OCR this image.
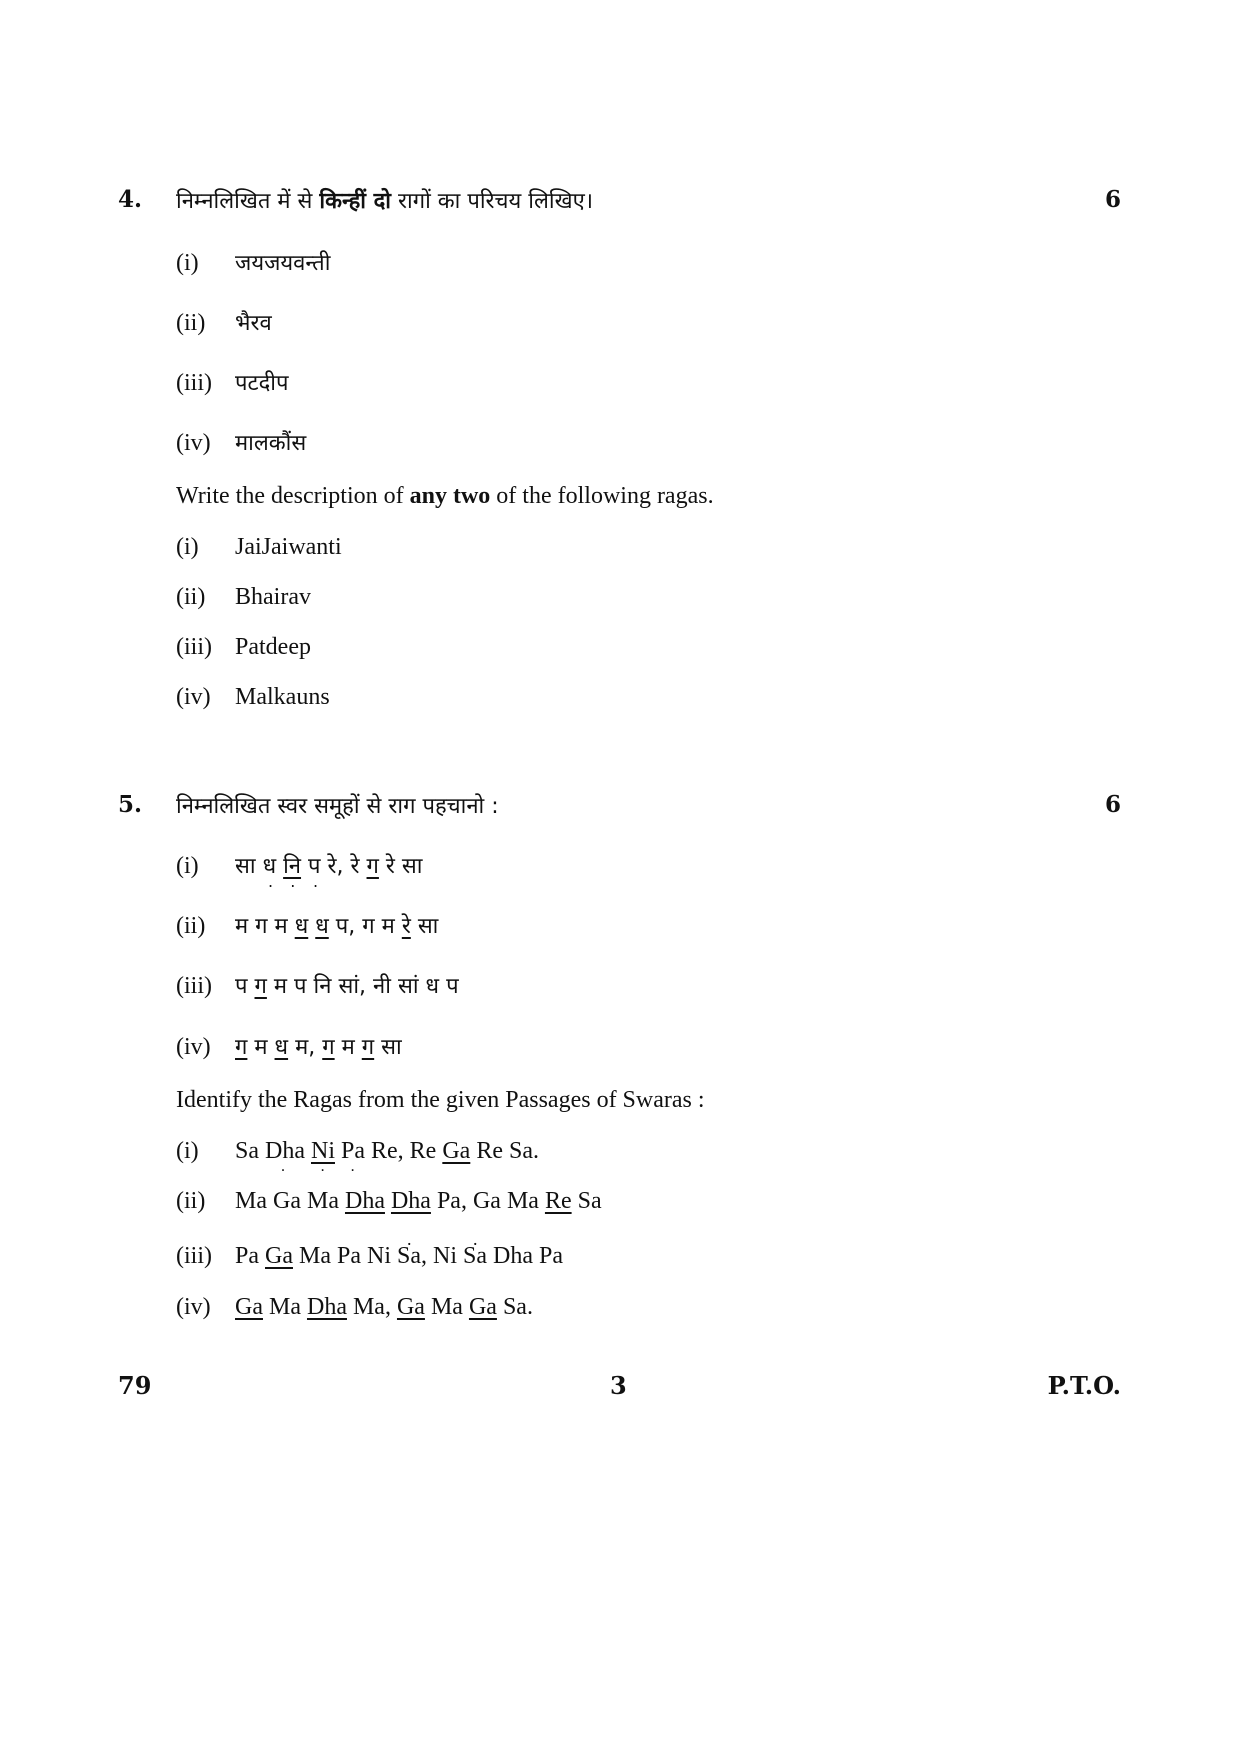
4. निम्नलिखित में से किन्हीं दो रागों का परिचय लिखिए।	6
(i) जयजयवन्ती
(ii) भैरव
(iii) पटदीप
(iv) मालकौंस
Write the description of any two of the following ragas.
(i) JaiJaiwanti
(ii) Bhairav
(iii) Patdeep
(iv) Malkauns
5. निम्नलिखित स्वर समूहों से राग पहचानो :	6
(i) सा ध . नि . प . रे, रे ग रे सा
(ii) म ग म ध ध प, ग म रे सा
(iii) प ग म प नि सां, नी सां ध प
(iv) ग म ध म, ग म ग सा
Identify the Ragas from the given Passages of Swaras :
(i) Sa Dha . Ni . Pa . Re, Re Ga Re Sa.
(ii) Ma Ga Ma Dha Dha Pa, Ga Ma Re Sa
(iii) Pa Ga Ma Pa Ni Sa ., Ni Sa . Dha Pa
(iv) Ga Ma Dha Ma, Ga Ma Ga Sa.
79	3	P.T.O.
